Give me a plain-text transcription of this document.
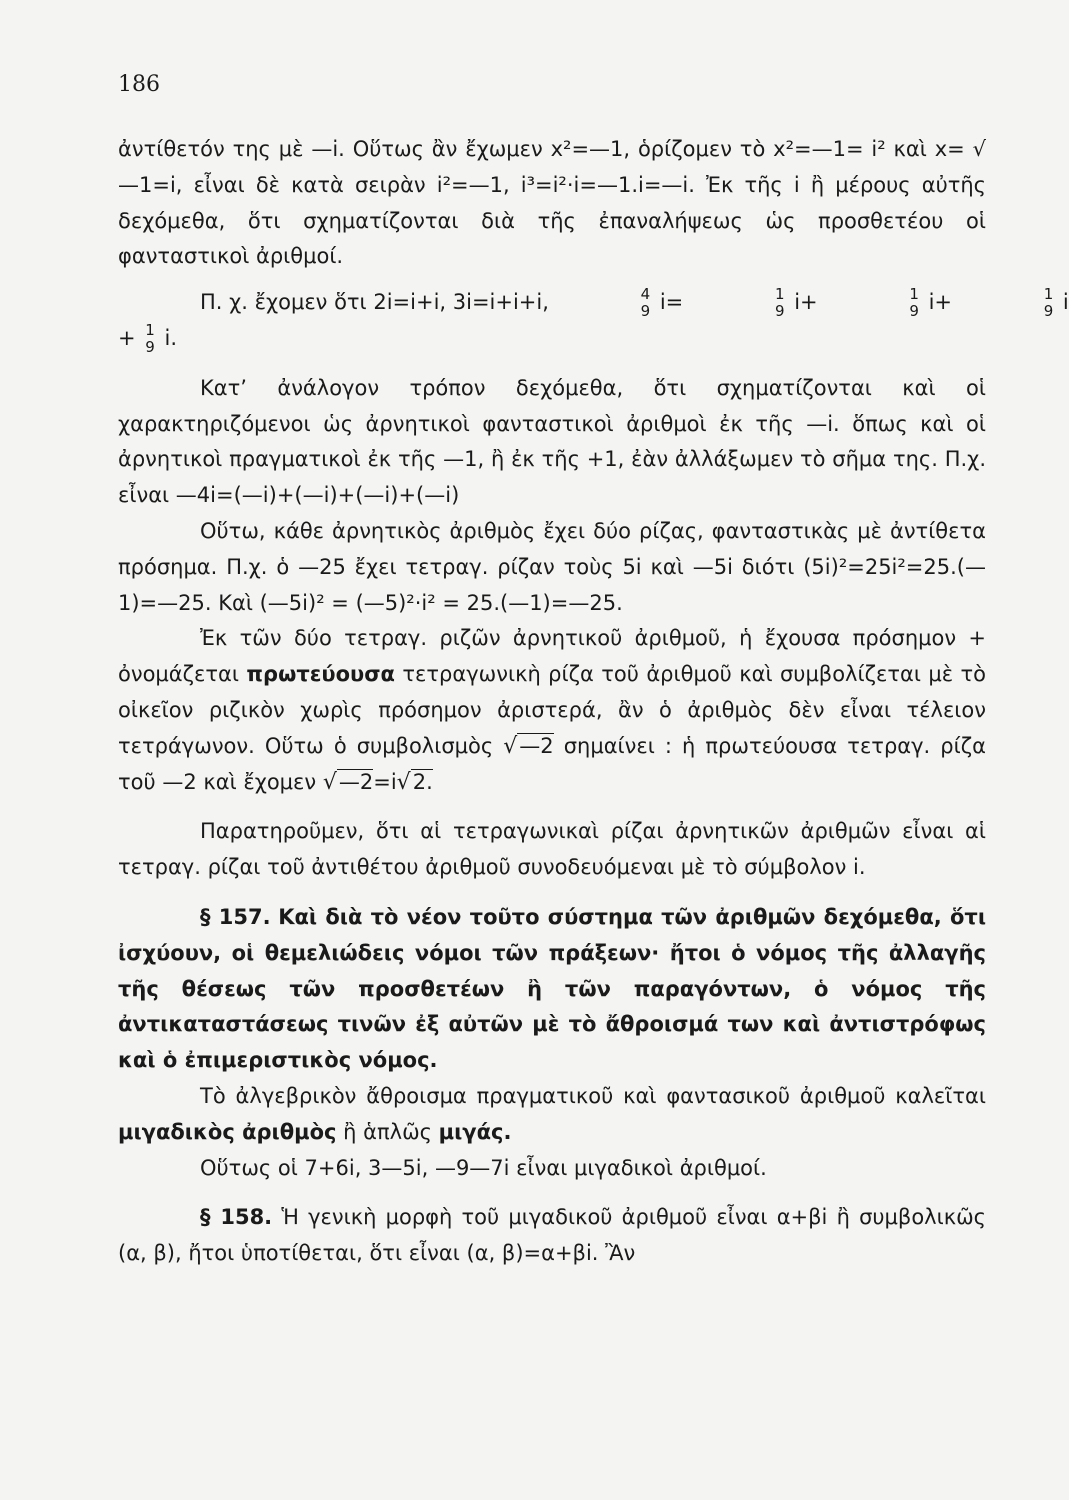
186

ἀντίθετόν της μὲ —i. Οὕτως ἂν ἔχωμεν x²=—1, ὁρίζομεν τὸ x²=—1= i² καὶ x= √—1=i, εἶναι δὲ κατὰ σειρὰν i²=—1, i³=i²·i=—1.i=—i. Ἐκ τῆς i ἢ μέρους αὐτῆς δεχόμεθα, ὅτι σχηματίζονται διὰ τῆς ἐπαναλήψεως ὡς προσθετέου οἱ φανταστικοὶ ἀριθμοί.

Π. χ. ἔχομεν ὅτι 2i=i+i, 3i=i+i+i,	4
9 i=	1
9 i+	1
9 i+	1
9 i

+ 1
9 i.

Κατ’ ἀνάλογον τρόπον δεχόμεθα, ὅτι σχηματίζονται καὶ οἱ χαρακτηριζόμενοι ὡς ἀρνητικοὶ φανταστικοὶ ἀριθμοὶ ἐκ τῆς —i. ὅπως καὶ οἱ ἀρνητικοὶ πραγματικοὶ ἐκ τῆς —1, ἢ ἐκ τῆς +1, ἐὰν ἀλλάξωμεν τὸ σῆμα της. Π.χ. εἶναι —4i=(—i)+(—i)+(—i)+(—i)

Οὕτω, κάθε ἀρνητικὸς ἀριθμὸς ἔχει δύο ρίζας, φανταστικὰς μὲ ἀντίθετα πρόσημα. Π.χ. ὁ —25 ἔχει τετραγ. ρίζαν τοὺς 5i καὶ —5i διότι (5i)²=25i²=25.(—1)=—25. Καὶ (—5i)² = (—5)²·i² = 25.(—1)=—25.

Ἐκ τῶν δύο τετραγ. ριζῶν ἀρνητικοῦ ἀριθμοῦ, ἡ ἔχουσα πρόσημον + ὀνομάζεται πρωτεύουσα τετραγωνικὴ ρίζα τοῦ ἀριθμοῦ καὶ συμβολίζεται μὲ τὸ οἰκεῖον ριζικὸν χωρὶς πρόσημον ἀριστερά, ἂν ὁ ἀριθμὸς δὲν εἶναι τέλειον τετράγωνον. Οὕτω ὁ συμβολισμὸς √—2 σημαίνει : ἡ πρωτεύουσα τετραγ. ρίζα τοῦ —2 καὶ ἔχομεν √—2=i√2.

Παρατηροῦμεν, ὅτι αἱ τετραγωνικαὶ ρίζαι ἀρνητικῶν ἀριθμῶν εἶναι αἱ τετραγ. ρίζαι τοῦ ἀντιθέτου ἀριθμοῦ συνοδευόμεναι μὲ τὸ σύμβολον i.

§ 157. Καὶ διὰ τὸ νέον τοῦτο σύστημα τῶν ἀριθμῶν δεχόμεθα, ὅτι ἰσχύουν, οἱ θεμελιώδεις νόμοι τῶν πράξεων· ἤτοι ὁ νόμος τῆς ἀλλαγῆς τῆς θέσεως τῶν προσθετέων ἢ τῶν παραγόντων, ὁ νόμος τῆς ἀντικαταστάσεως τινῶν ἐξ αὐτῶν μὲ τὸ ἄθροισμά των καὶ ἀντιστρόφως καὶ ὁ ἐπιμεριστικὸς νόμος.

Τὸ ἀλγεβρικὸν ἄθροισμα πραγματικοῦ καὶ φαντασικοῦ ἀριθμοῦ καλεῖται μιγαδικὸς ἀριθμὸς ἢ ἁπλῶς μιγάς.

Οὕτως οἱ 7+6i, 3—5i, —9—7i εἶναι μιγαδικοὶ ἀριθμοί.

§ 158. Ἡ γενικὴ μορφὴ τοῦ μιγαδικοῦ ἀριθμοῦ εἶναι α+βi ἢ συμβολικῶς (α, β), ἤτοι ὑποτίθεται, ὅτι εἶναι (α, β)=α+βi. Ἂν
